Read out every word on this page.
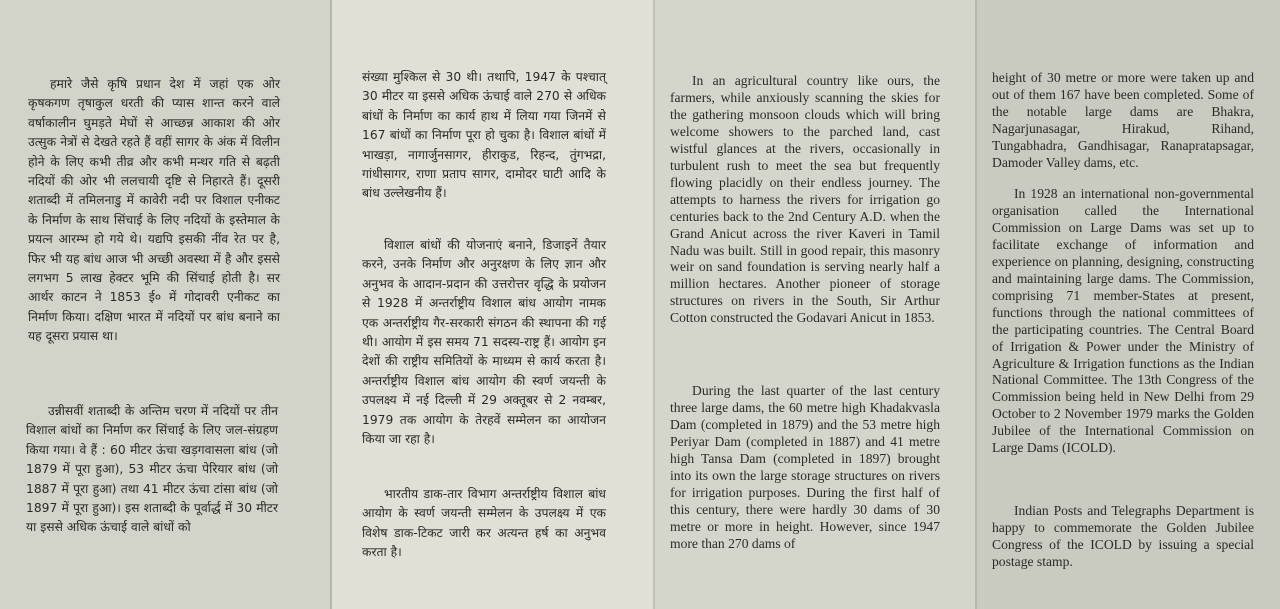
हमारे जैसे कृषि प्रधान देश में जहां एक ओर कृषकगण तृषाकुल धरती की प्यास शान्त करने वाले वर्षाकालीन घुमड़ते मेघों से आच्छन्न आकाश की ओर उत्सुक नेत्रों से देखते रहते हैं वहीं सागर के अंक में विलीन होने के लिए कभी तीव्र और कभी मन्थर गति से बढ़ती नदियों की ओर भी ललचायी दृष्टि से निहारते हैं। दूसरी शताब्दी में तमिलनाडु में कावेरी नदी पर विशाल एनीकट के निर्माण के साथ सिंचाई के लिए नदियों के इस्तेमाल के प्रयत्न आरम्भ हो गये थे। यद्यपि इसकी नींव रेत पर है, फिर भी यह बांध आज भी अच्छी अवस्था में है और इससे लगभग 5 लाख हेक्टर भूमि की सिंचाई होती है। सर आर्थर काटन ने 1853 ई० में गोदावरी एनीकट का निर्माण किया। दक्षिण भारत में नदियों पर बांध बनाने का यह दूसरा प्रयास था।

उन्नीसवीं शताब्दी के अन्तिम चरण में नदियों पर तीन विशाल बांधों का निर्माण कर सिंचाई के लिए जल-संग्रहण किया गया। वे हैं : 60 मीटर ऊंचा खड़गवासला बांध (जो 1879 में पूरा हुआ), 53 मीटर ऊंचा पेरियार बांध (जो 1887 में पूरा हुआ) तथा 41 मीटर ऊंचा टांसा बांध (जो 1897 में पूरा हुआ)। इस शताब्दी के पूर्वार्द्ध में 30 मीटर या इससे अधिक ऊंचाई वाले बांधों को

संख्या मुश्किल से 30 थी। तथापि, 1947 के पश्चात् 30 मीटर या इससे अधिक ऊंचाई वाले 270 से अधिक बांधों के निर्माण का कार्य हाथ में लिया गया जिनमें से 167 बांधों का निर्माण पूरा हो चुका है। विशाल बांधों में भाखड़ा, नागार्जुनसागर, हीराकुड, रिहन्द, तुंगभद्रा, गांधीसागर, राणा प्रताप सागर, दामोदर घाटी आदि के बांध उल्लेखनीय हैं।

विशाल बांधों की योजनाएं बनाने, डिजाइनें तैयार करने, उनके निर्माण और अनुरक्षण के लिए ज्ञान और अनुभव के आदान-प्रदान की उत्तरोत्तर वृद्धि के प्रयोजन से 1928 में अन्तर्राष्ट्रीय विशाल बांध आयोग नामक एक अन्तर्राष्ट्रीय गैर-सरकारी संगठन की स्थापना की गई थी। आयोग में इस समय 71 सदस्य-राष्ट्र हैं। आयोग इन देशों की राष्ट्रीय समितियों के माध्यम से कार्य करता है। अन्तर्राष्ट्रीय विशाल बांध आयोग की स्वर्ण जयन्ती के उपलक्ष्य में नई दिल्ली में 29 अक्तूबर से 2 नवम्बर, 1979 तक आयोग के तेरहवें सम्मेलन का आयोजन किया जा रहा है।

भारतीय डाक-तार विभाग अन्तर्राष्ट्रीय विशाल बांध आयोग के स्वर्ण जयन्ती सम्मेलन के उपलक्ष्य में एक विशेष डाक-टिकट जारी कर अत्यन्त हर्ष का अनुभव करता है।

In an agricultural country like ours, the farmers, while anxiously scanning the skies for the gathering monsoon clouds which will bring welcome showers to the parched land, cast wistful glances at the rivers, occasionally in turbulent rush to meet the sea but frequently flowing placidly on their endless journey. The attempts to harness the rivers for irrigation go centuries back to the 2nd Century A.D. when the Grand Anicut across the river Kaveri in Tamil Nadu was built. Still in good repair, this masonry weir on sand foundation is serving nearly half a million hectares. Another pioneer of storage structures on rivers in the South, Sir Arthur Cotton constructed the Godavari Anicut in 1853.

During the last quarter of the last century three large dams, the 60 metre high Khadakvasla Dam (completed in 1879) and the 53 metre high Periyar Dam (completed in 1887) and 41 metre high Tansa Dam (completed in 1897) brought into its own the large storage structures on rivers for irrigation purposes. During the first half of this century, there were hardly 30 dams of 30 metre or more in height. However, since 1947 more than 270 dams of

height of 30 metre or more were taken up and out of them 167 have been completed. Some of the notable large dams are Bhakra, Nagarjunasagar, Hirakud, Rihand, Tungabhadra, Gandhisagar, Ranapratapsagar, Damoder Valley dams, etc.

In 1928 an international non-governmental organisation called the International Commission on Large Dams was set up to facilitate exchange of information and experience on planning, designing, constructing and maintaining large dams. The Commission, comprising 71 member-States at present, functions through the national committees of the participating countries. The Central Board of Irrigation & Power under the Ministry of Agriculture & Irrigation functions as the Indian National Committee. The 13th Congress of the Commission being held in New Delhi from 29 October to 2 November 1979 marks the Golden Jubilee of the International Commission on Large Dams (ICOLD).

Indian Posts and Telegraphs Department is happy to commemorate the Golden Jubilee Congress of the ICOLD by issuing a special postage stamp.
